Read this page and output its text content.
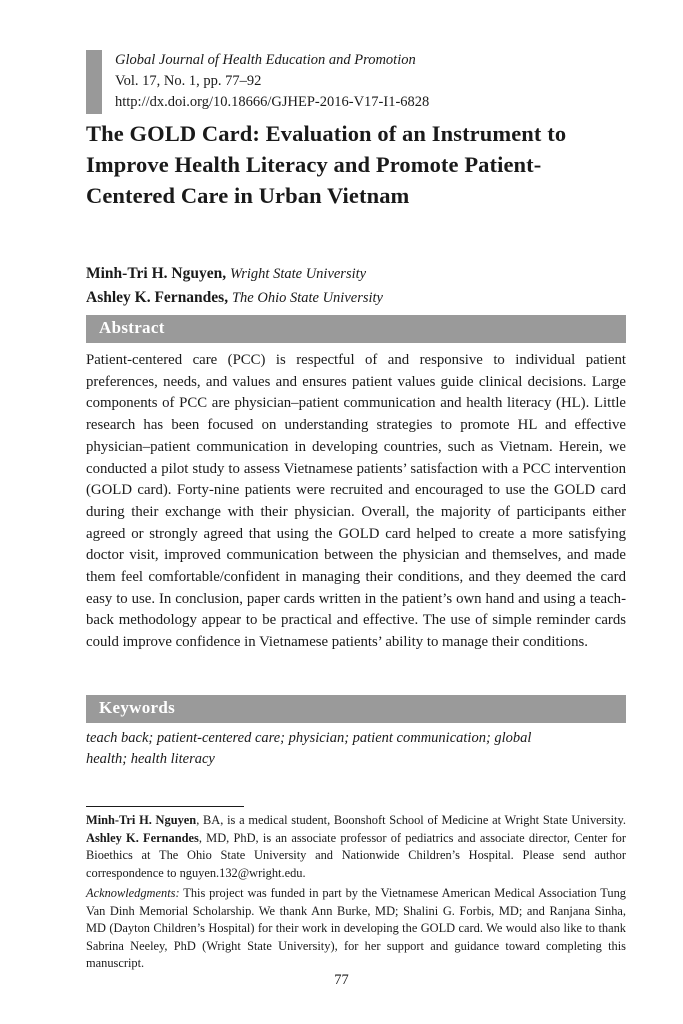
Global Journal of Health Education and Promotion
Vol. 17, No. 1, pp. 77–92
http://dx.doi.org/10.18666/GJHEP-2016-V17-I1-6828
The GOLD Card: Evaluation of an Instrument to Improve Health Literacy and Promote Patient-Centered Care in Urban Vietnam
Minh-Tri H. Nguyen, Wright State University
Ashley K. Fernandes, The Ohio State University
Abstract

Patient-centered care (PCC) is respectful of and responsive to individual patient preferences, needs, and values and ensures patient values guide clinical decisions. Large components of PCC are physician–patient communication and health literacy (HL). Little research has been focused on understanding strategies to promote HL and effective physician–patient communication in developing countries, such as Vietnam. Herein, we conducted a pilot study to assess Vietnamese patients’ satisfaction with a PCC intervention (GOLD card). Forty-nine patients were recruited and encouraged to use the GOLD card during their exchange with their physician. Overall, the majority of participants either agreed or strongly agreed that using the GOLD card helped to create a more satisfying doctor visit, improved communication between the physician and themselves, and made them feel comfortable/confident in managing their conditions, and they deemed the card easy to use. In conclusion, paper cards written in the patient’s own hand and using a teach-back methodology appear to be practical and effective. The use of simple reminder cards could improve confidence in Vietnamese patients’ ability to manage their conditions.

Keywords

teach back; patient-centered care; physician; patient communication; global health; health literacy

Minh-Tri H. Nguyen, BA, is a medical student, Boonshoft School of Medicine at Wright State University. Ashley K. Fernandes, MD, PhD, is an associate professor of pediatrics and associate director, Center for Bioethics at The Ohio State University and Nationwide Children’s Hospital. Please send author correspondence to nguyen.132@wright.edu.

Acknowledgments: This project was funded in part by the Vietnamese American Medical Association Tung Van Dinh Memorial Scholarship. We thank Ann Burke, MD; Shalini G. Forbis, MD; and Ranjana Sinha, MD (Dayton Children’s Hospital) for their work in developing the GOLD card. We would also like to thank Sabrina Neeley, PhD (Wright State University), for her support and guidance toward completing this manuscript.

77
